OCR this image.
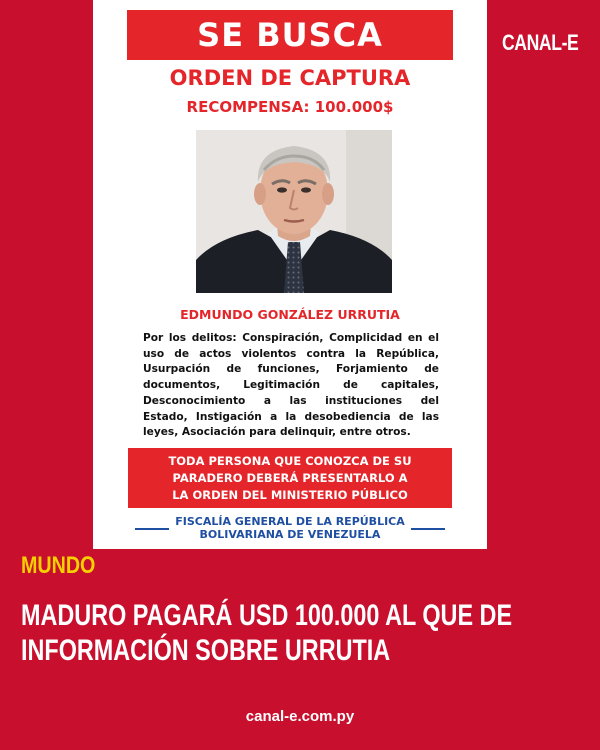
SE BUSCA
ORDEN DE CAPTURA
RECOMPENSA: 100.000$
EDMUNDO GONZÁLEZ URRUTIA
Por los delitos: Conspiración, Complicidad en el
uso de actos violentos contra la República,
Usurpación de funciones, Forjamiento de
documentos, Legitimación de capitales,
Desconocimiento a las instituciones del
Estado, Instigación a la desobediencia de las
leyes, Asociación para delinquir, entre otros.
TODA PERSONA QUE CONOZCA DE SU
PARADERO DEBERÁ PRESENTARLO A
LA ORDEN DEL MINISTERIO PÚBLICO
FISCALÍA GENERAL DE LA REPÚBLICA
BOLIVARIANA DE VENEZUELA
CANAL-E
MUNDO
MADURO PAGARÁ USD 100.000 AL QUE DE
INFORMACIÓN SOBRE URRUTIA
canal-e.com.py
